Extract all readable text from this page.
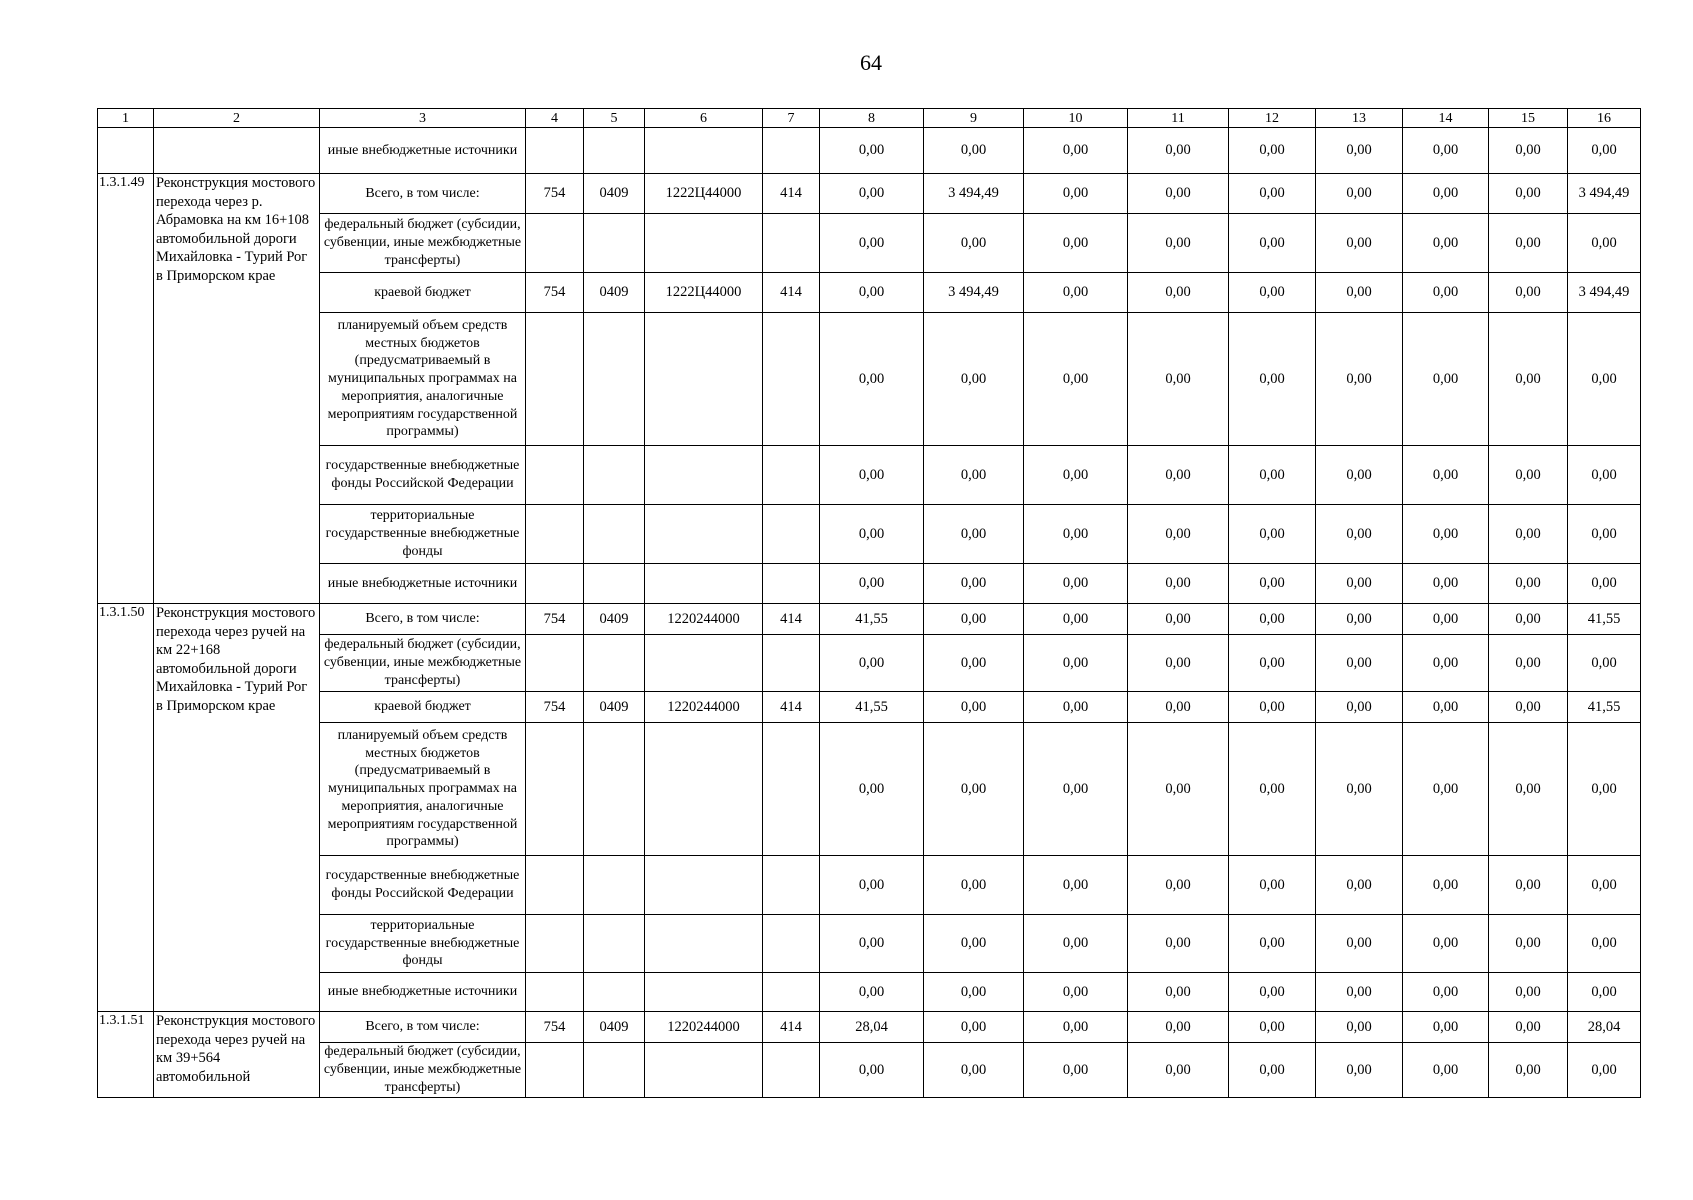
64
1	2	3	4	5	6	7	8	9	10	11	12	13	14	15	16
		иные внебюджетные источники					0,00	0,00	0,00	0,00	0,00	0,00	0,00	0,00	0,00
1.3.1.49	Реконструкция мостового перехода через р. Абрамовка на км 16+108 автомобильной дороги Михайловка - Турий Рог в Приморском крае	Всего, в том числе:	754	0409	1222Ц44000	414	0,00	3 494,49	0,00	0,00	0,00	0,00	0,00	0,00	3 494,49
		федеральный бюджет (субсидии, субвенции, иные межбюджетные трансферты)					0,00	0,00	0,00	0,00	0,00	0,00	0,00	0,00	0,00
		краевой бюджет	754	0409	1222Ц44000	414	0,00	3 494,49	0,00	0,00	0,00	0,00	0,00	0,00	3 494,49
		планируемый объем средств местных бюджетов (предусматриваемый в муниципальных программах на мероприятия, аналогичные мероприятиям государственной программы)					0,00	0,00	0,00	0,00	0,00	0,00	0,00	0,00	0,00
		государственные внебюджетные фонды Российской Федерации					0,00	0,00	0,00	0,00	0,00	0,00	0,00	0,00	0,00
		территориальные государственные внебюджетные фонды					0,00	0,00	0,00	0,00	0,00	0,00	0,00	0,00	0,00
		иные внебюджетные источники					0,00	0,00	0,00	0,00	0,00	0,00	0,00	0,00	0,00
1.3.1.50	Реконструкция мостового перехода через ручей на км 22+168 автомобильной дороги Михайловка - Турий Рог в Приморском крае	Всего, в том числе:	754	0409	1220244000	414	41,55	0,00	0,00	0,00	0,00	0,00	0,00	0,00	41,55
		федеральный бюджет (субсидии, субвенции, иные межбюджетные трансферты)					0,00	0,00	0,00	0,00	0,00	0,00	0,00	0,00	0,00
		краевой бюджет	754	0409	1220244000	414	41,55	0,00	0,00	0,00	0,00	0,00	0,00	0,00	41,55
		планируемый объем средств местных бюджетов (предусматриваемый в муниципальных программах на мероприятия, аналогичные мероприятиям государственной программы)					0,00	0,00	0,00	0,00	0,00	0,00	0,00	0,00	0,00
		государственные внебюджетные фонды Российской Федерации					0,00	0,00	0,00	0,00	0,00	0,00	0,00	0,00	0,00
		территориальные государственные внебюджетные фонды					0,00	0,00	0,00	0,00	0,00	0,00	0,00	0,00	0,00
		иные внебюджетные источники					0,00	0,00	0,00	0,00	0,00	0,00	0,00	0,00	0,00
1.3.1.51	Реконструкция мостового перехода через ручей на км 39+564 автомобильной	Всего, в том числе:	754	0409	1220244000	414	28,04	0,00	0,00	0,00	0,00	0,00	0,00	0,00	28,04
		федеральный бюджет (субсидии, субвенции, иные межбюджетные трансферты)					0,00	0,00	0,00	0,00	0,00	0,00	0,00	0,00	0,00
